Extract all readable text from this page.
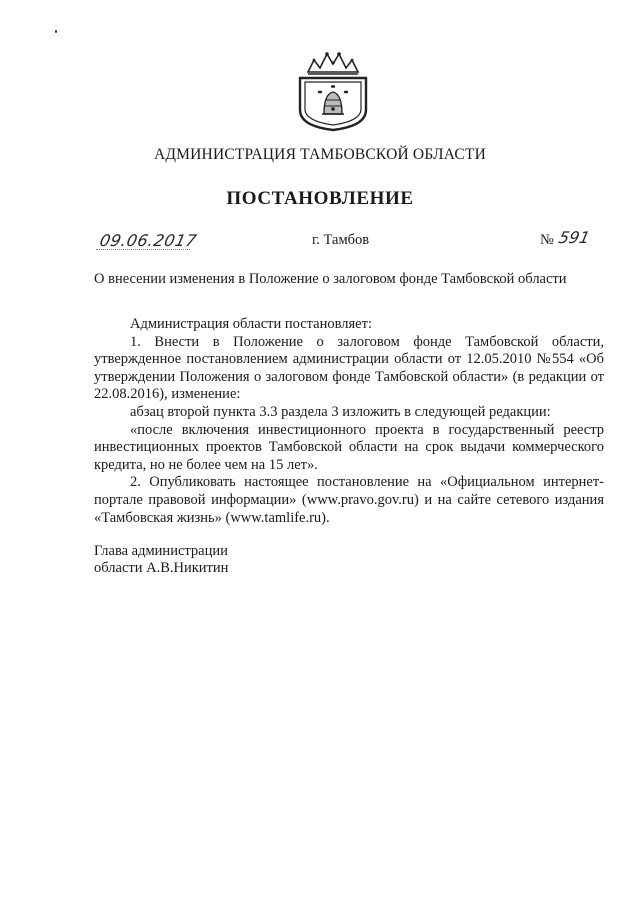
АДМИНИСТРАЦИЯ ТАМБОВСКОЙ ОБЛАСТИ
ПОСТАНОВЛЕНИЕ
09.06.2017	г. Тамбов	№ 591
О внесении изменения в Положение о залоговом фонде Тамбовской области

Администрация области постановляет:

1. Внести в Положение о залоговом фонде Тамбовской области, утвержденное постановлением администрации области от 12.05.2010 №554 «Об утверждении Положения о залоговом фонде Тамбовской области» (в редакции от 22.08.2016), изменение:

абзац второй пункта 3.3 раздела 3 изложить в следующей редакции:

«после включения инвестиционного проекта в государственный реестр инвестиционных проектов Тамбовской области на срок выдачи коммерческого кредита, но не более чем на 15 лет».

2. Опубликовать настоящее постановление на «Официальном интернет-портале правовой информации» (www.pravo.gov.ru) и на сайте сетевого издания «Тамбовская жизнь» (www.tamlife.ru).

Глава администрации
области А.В.Никитин
